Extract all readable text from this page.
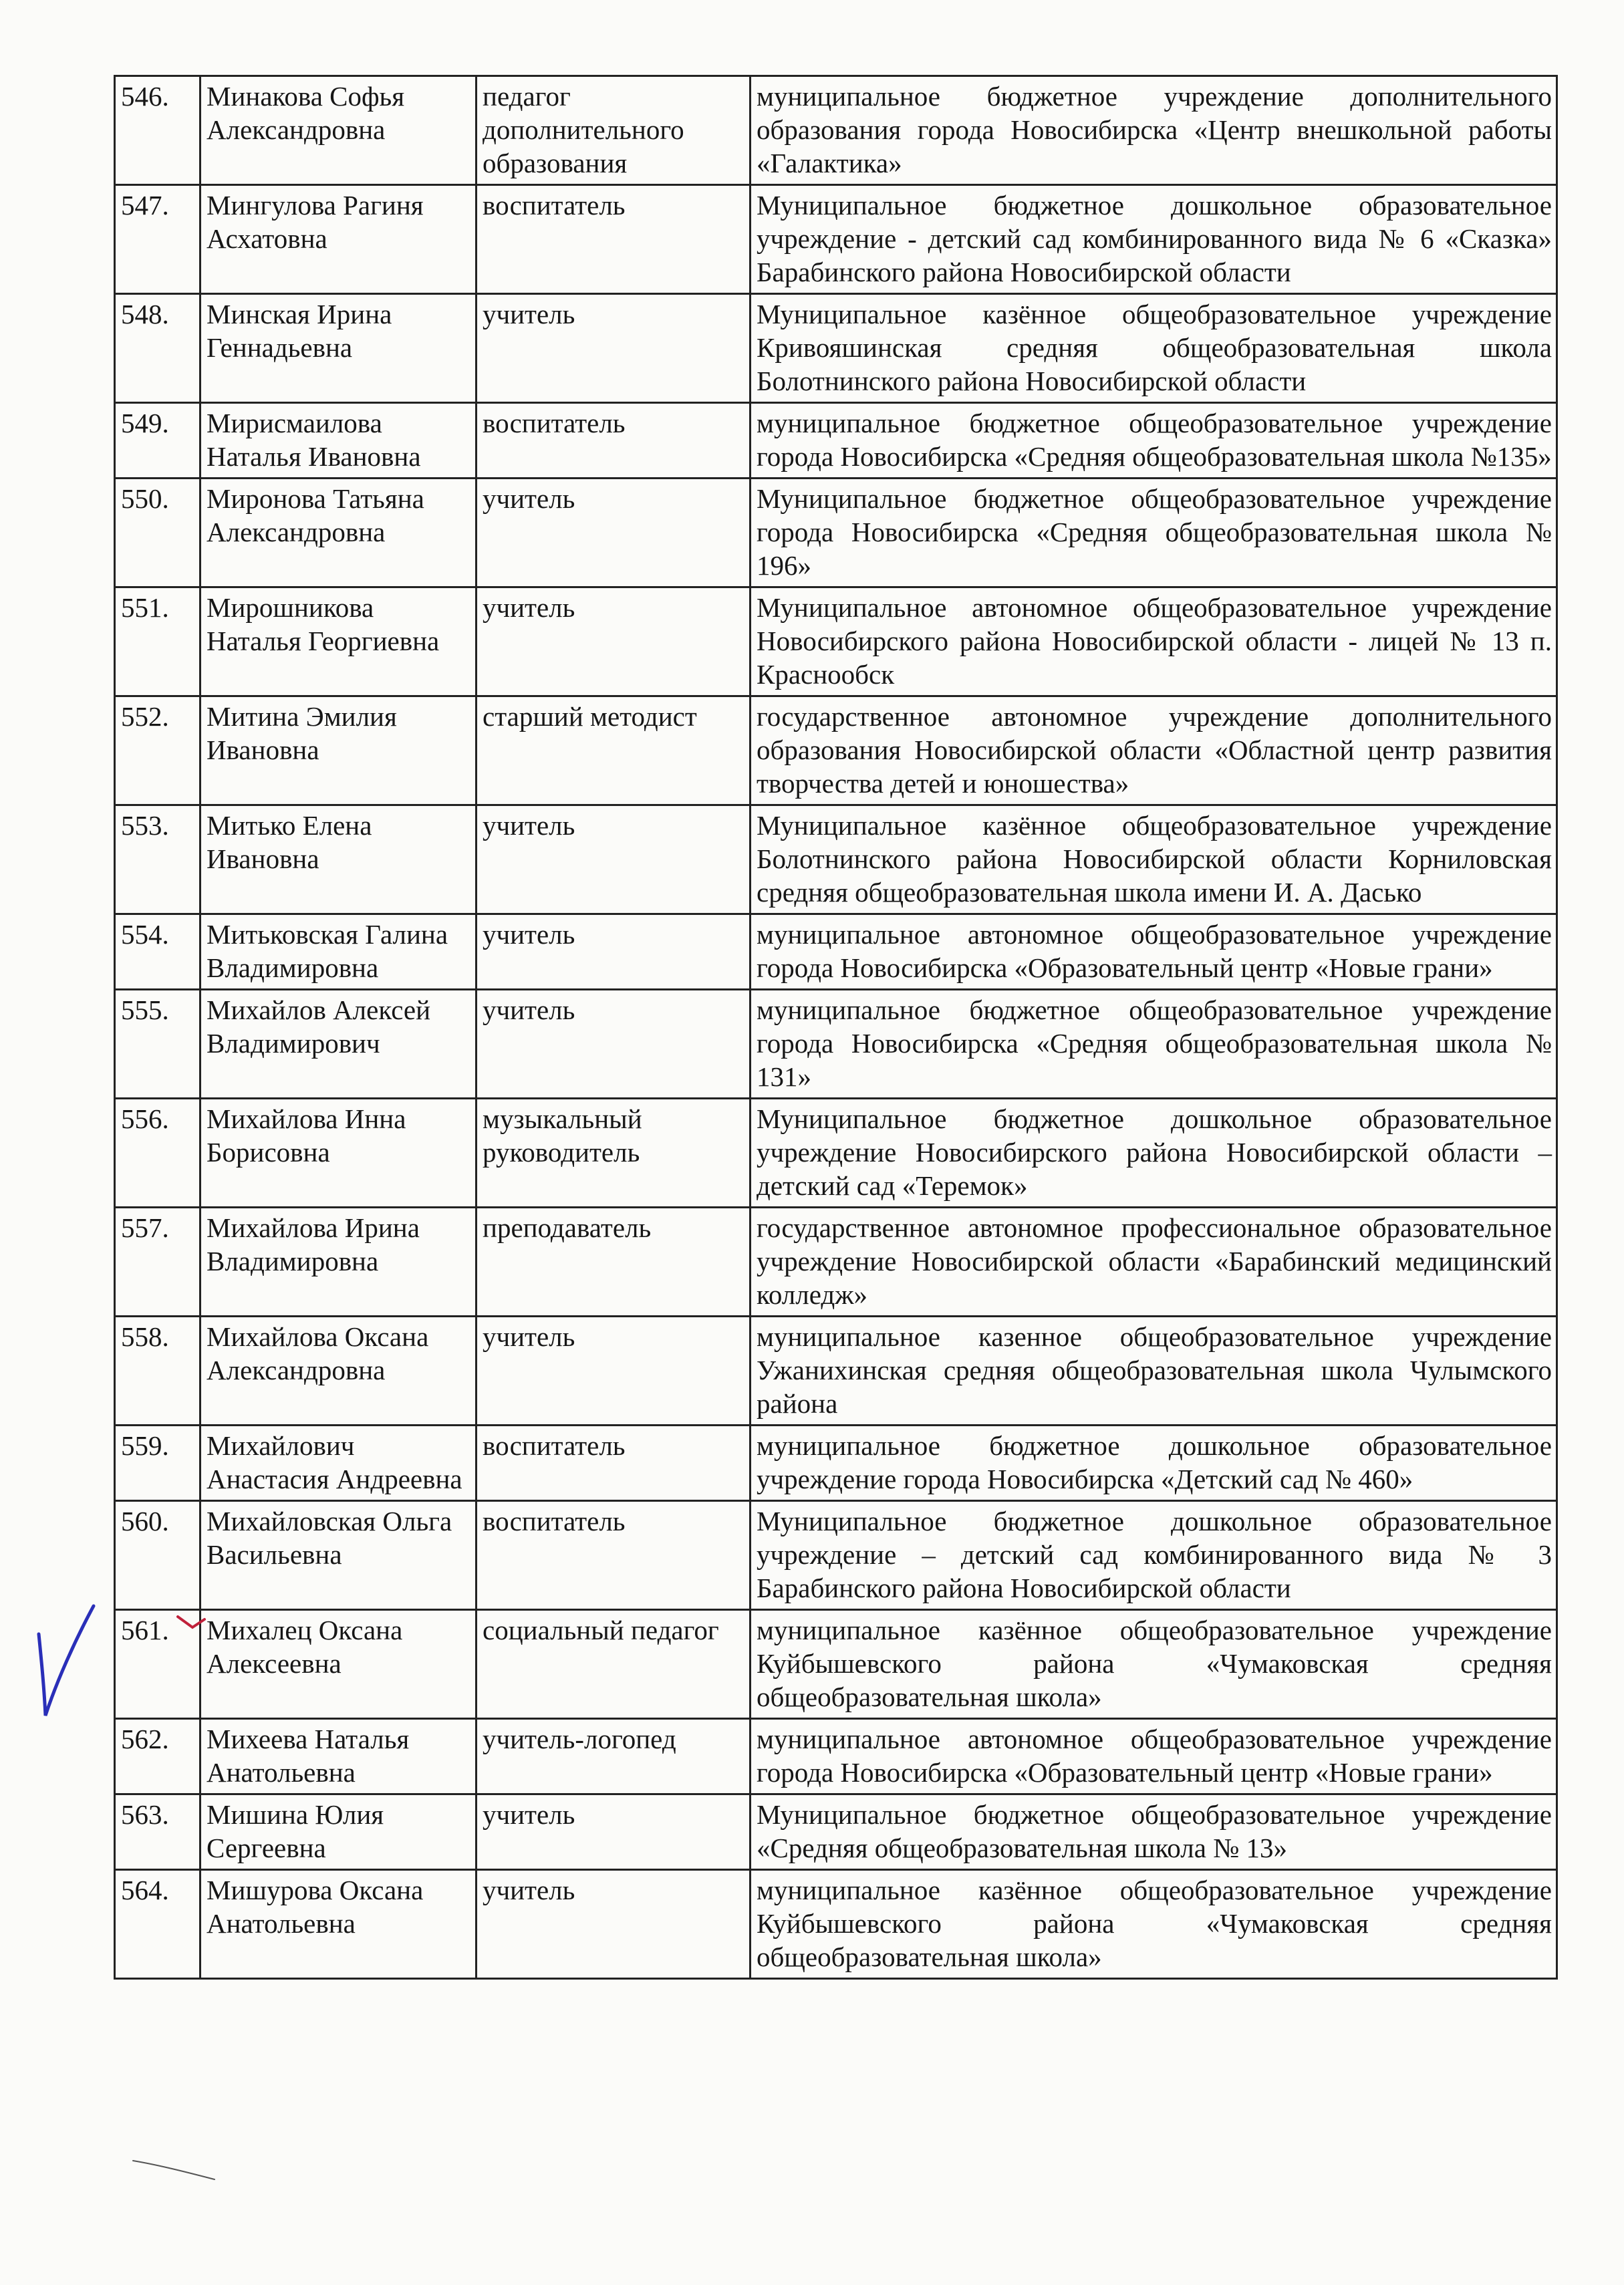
546.	Минакова Софья Александровна	педагог дополнительного образования	муниципальное бюджетное учреждение дополнительного образования города Новосибирска «Центр внешкольной работы «Галактика»
547.	Мингулова Рагиня Асхатовна	воспитатель	Муниципальное бюджетное дошкольное образовательное учреждение - детский сад комбинированного вида № 6 «Сказка» Барабинского района Новосибирской области
548.	Минская Ирина Геннадьевна	учитель	Муниципальное казённое общеобразовательное учреждение Кривояшинская средняя общеобразовательная школа Болотнинского района Новосибирской области
549.	Мирисмаилова Наталья Ивановна	воспитатель	муниципальное бюджетное общеобразовательное учреждение города Новосибирска «Средняя общеобразовательная школа №135»
550.	Миронова Татьяна Александровна	учитель	Муниципальное бюджетное общеобразовательное учреждение города Новосибирска «Средняя общеобразовательная школа № 196»
551.	Мирошникова Наталья Георгиевна	учитель	Муниципальное автономное общеобразовательное учреждение Новосибирского района Новосибирской области - лицей № 13 п. Краснообск
552.	Митина Эмилия Ивановна	старший методист	государственное автономное учреждение дополнительного образования Новосибирской области «Областной центр развития творчества детей и юношества»
553.	Митько Елена Ивановна	учитель	Муниципальное казённое общеобразовательное учреждение Болотнинского района Новосибирской области Корниловская средняя общеобразовательная школа имени И. А. Дасько
554.	Митьковская Галина Владимировна	учитель	муниципальное автономное общеобразовательное учреждение города Новосибирска «Образовательный центр «Новые грани»
555.	Михайлов Алексей Владимирович	учитель	муниципальное бюджетное общеобразовательное учреждение города Новосибирска «Средняя общеобразовательная школа № 131»
556.	Михайлова Инна Борисовна	музыкальный руководитель	Муниципальное бюджетное дошкольное образовательное учреждение Новосибирского района Новосибирской области – детский сад «Теремок»
557.	Михайлова Ирина Владимировна	преподаватель	государственное автономное профессиональное образовательное учреждение Новосибирской области «Барабинский медицинский колледж»
558.	Михайлова Оксана Александровна	учитель	муниципальное казенное общеобразовательное учреждение Ужанихинская средняя общеобразовательная школа Чулымского района
559.	Михайлович Анастасия Андреевна	воспитатель	муниципальное бюджетное дошкольное образовательное учреждение города Новосибирска «Детский сад № 460»
560.	Михайловская Ольга Васильевна	воспитатель	Муниципальное бюджетное дошкольное образовательное учреждение – детский сад комбинированного вида № 3 Барабинского района Новосибирской области
561.	Михалец Оксана Алексеевна	социальный педагог	муниципальное казённое общеобразовательное учреждение Куйбышевского района «Чумаковская средняя общеобразовательная школа»
562.	Михеева Наталья Анатольевна	учитель-логопед	муниципальное автономное общеобразовательное учреждение города Новосибирска «Образовательный центр «Новые грани»
563.	Мишина Юлия Сергеевна	учитель	Муниципальное бюджетное общеобразовательное учреждение «Средняя общеобразовательная школа № 13»
564.	Мишурова Оксана Анатольевна	учитель	муниципальное казённое общеобразовательное учреждение Куйбышевского района «Чумаковская средняя общеобразовательная школа»
